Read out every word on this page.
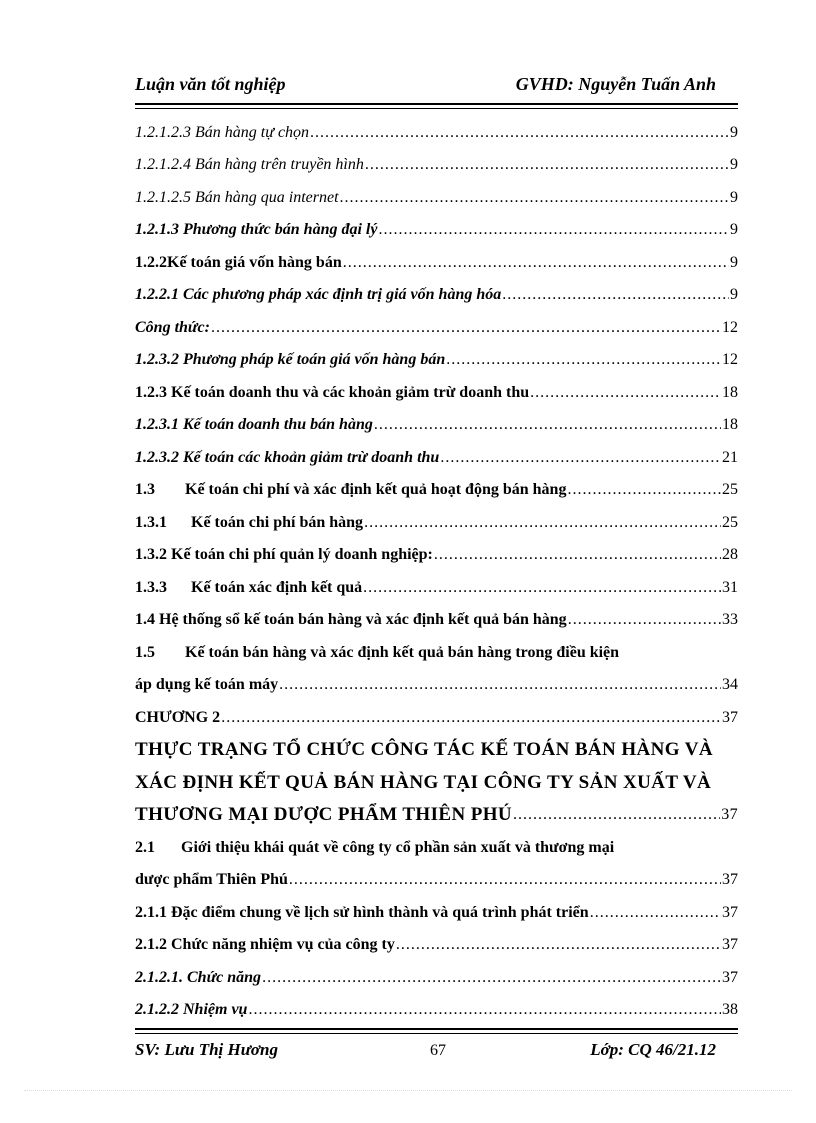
Luận văn tốt nghiệp	GVHD: Nguyễn Tuấn Anh
1.2.1.2.3 Bán hàng tự chọn .....	9
1.2.1.2.4 Bán hàng trên truyền hình .....	9
1.2.1.2.5 Bán hàng qua internet .....	9
1.2.1.3 Phương thức bán hàng đại lý .....	9
1.2.2Kế toán giá vốn hàng bán .....	9
1.2.2.1 Các phương pháp xác định trị giá vốn hàng hóa .....	9
Công thức: .....	12
1.2.3.2 Phương pháp kế toán giá vốn hàng bán .....	12
1.2.3 Kế toán doanh thu và các khoản giảm trừ doanh thu .....	18
1.2.3.1 Kế toán doanh thu bán hàng .....	18
1.2.3.2 Kế toán các khoản giảm trừ doanh thu .....	21
1.3 Kế toán chi phí và xác định kết quả hoạt động bán hàng .....	25
1.3.1 Kế toán chi phí bán hàng .....	25
1.3.2 Kế toán chi phí quản lý doanh nghiệp: .....	28
1.3.3 Kế toán xác định kết quả .....	31
1.4 Hệ thống sổ kế toán bán hàng và xác định kết quả bán hàng .....	33
1.5 Kế toán bán hàng và xác định kết quả bán hàng trong điều kiện
áp dụng kế toán máy .....	34
CHƯƠNG 2 .....	37
THỰC TRẠNG TỔ CHỨC CÔNG TÁC KẾ TOÁN BÁN HÀNG VÀ
XÁC ĐỊNH KẾT QUẢ BÁN HÀNG TẠI CÔNG TY SẢN XUẤT VÀ
THƯƠNG MẠI DƯỢC PHẨM THIÊN PHÚ .....	37
2.1 Giới thiệu khái quát về công ty cổ phần sản xuất và thương mại
dược phẩm Thiên Phú .....	37
2.1.1 Đặc điểm chung về lịch sử hình thành và quá trình phát triển .....	37
2.1.2 Chức năng nhiệm vụ của công ty .....	37
2.1.2.1. Chức năng .....	37
2.1.2.2 Nhiệm vụ .....	38
SV: Lưu Thị Hương	67	Lớp: CQ 46/21.12
